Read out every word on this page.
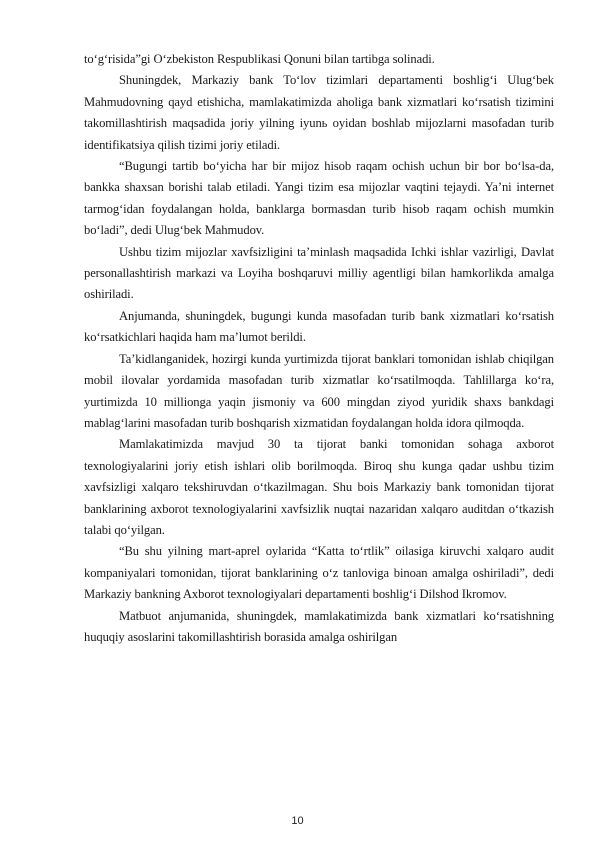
to‘g‘risida”gi O‘zbekiston Respublikasi Qonuni bilan tartibga solinadi.

Shuningdek, Markaziy bank To‘lov tizimlari departamenti boshlig‘i Ulug‘bek Mahmudovning qayd etishicha, mamlakatimizda aholiga bank xizmatlari ko‘rsatish tizimini takomillashtirish maqsadida joriy yilning iyunь oyidan boshlab mijozlarni masofadan turib identifikatsiya qilish tizimi joriy etiladi.

“Bugungi tartib bo‘yicha har bir mijoz hisob raqam ochish uchun bir bor bo‘lsa-da, bankka shaxsan borishi talab etiladi. Yangi tizim esa mijozlar vaqtini tejaydi. Ya’ni internet tarmog‘idan foydalangan holda, banklarga bormasdan turib hisob raqam ochish mumkin bo‘ladi”, dedi Ulug‘bek Mahmudov.

Ushbu tizim mijozlar xavfsizligini ta’minlash maqsadida Ichki ishlar vazirligi, Davlat personallashtirish markazi va Loyiha boshqaruvi milliy agentligi bilan hamkorlikda amalga oshiriladi.

Anjumanda, shuningdek, bugungi kunda masofadan turib bank xizmatlari ko‘rsatish ko‘rsatkichlari haqida ham ma’lumot berildi.

Ta’kidlanganidek, hozirgi kunda yurtimizda tijorat banklari tomonidan ishlab chiqilgan mobil ilovalar yordamida masofadan turib xizmatlar ko‘rsatilmoqda. Tahlillarga ko‘ra, yurtimizda 10 millionga yaqin jismoniy va 600 mingdan ziyod yuridik shaxs bankdagi mablag‘larini masofadan turib boshqarish xizmatidan foydalangan holda idora qilmoqda.

Mamlakatimizda mavjud 30 ta tijorat banki tomonidan sohaga axborot texnologiyalarini joriy etish ishlari olib borilmoqda. Biroq shu kunga qadar ushbu tizim xavfsizligi xalqaro tekshiruvdan o‘tkazilmagan. Shu bois Markaziy bank tomonidan tijorat banklarining axborot texnologiyalarini xavfsizlik nuqtai nazaridan xalqaro auditdan o‘tkazish talabi qo‘yilgan.

“Bu shu yilning mart-aprel oylarida “Katta to‘rtlik” oilasiga kiruvchi xalqaro audit kompaniyalari tomonidan, tijorat banklarining o‘z tanloviga binoan amalga oshiriladi”, dedi Markaziy bankning Axborot texnologiyalari departamenti boshlig‘i Dilshod Ikromov.

Matbuot anjumanida, shuningdek, mamlakatimizda bank xizmatlari ko‘rsatishning huquqiy asoslarini takomillashtirish borasida amalga oshirilgan

10
